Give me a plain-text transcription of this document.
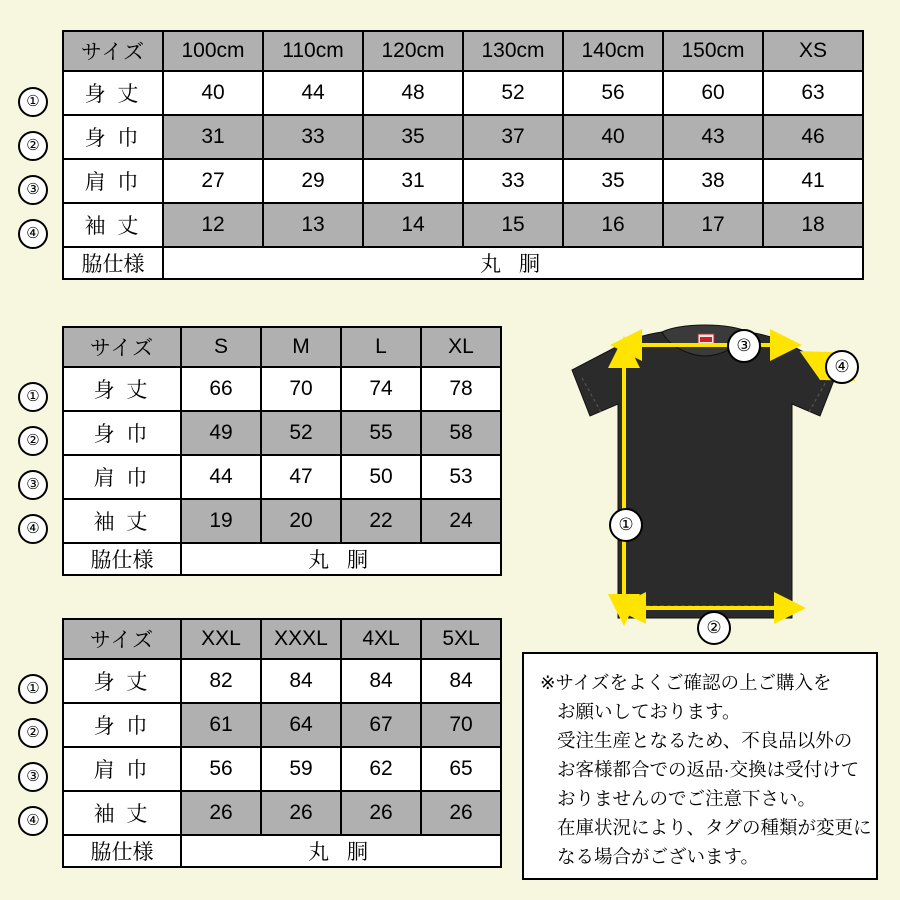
①
②
③
④
サイズ	100cm	110cm	120cm	130cm	140cm	150cm	XS
身 丈	40	44	48	52	56	60	63
身 巾	31	33	35	37	40	43	46
肩 巾	27	29	31	33	35	38	41
袖 丈	12	13	14	15	16	17	18
脇仕様	丸 胴						
①
②
③
④
サイズ	S	M	L	XL
身 丈	66	70	74	78
身 巾	49	52	55	58
肩 巾	44	47	50	53
袖 丈	19	20	22	24
脇仕様	丸 胴			
①
②
③
④
サイズ	XXL	XXXL	4XL	5XL
身 丈	82	84	84	84
身 巾	61	64	67	70
肩 巾	56	59	62	65
袖 丈	26	26	26	26
脇仕様	丸 胴			
③
④
①
②
※サイズをよくご確認の上ご購入を
お願いしております。
受注生産となるため、不良品以外の
お客様都合での返品·交換は受付けて
おりませんのでご注意下さい。
在庫状況により、タグの種類が変更に
なる場合がございます。
